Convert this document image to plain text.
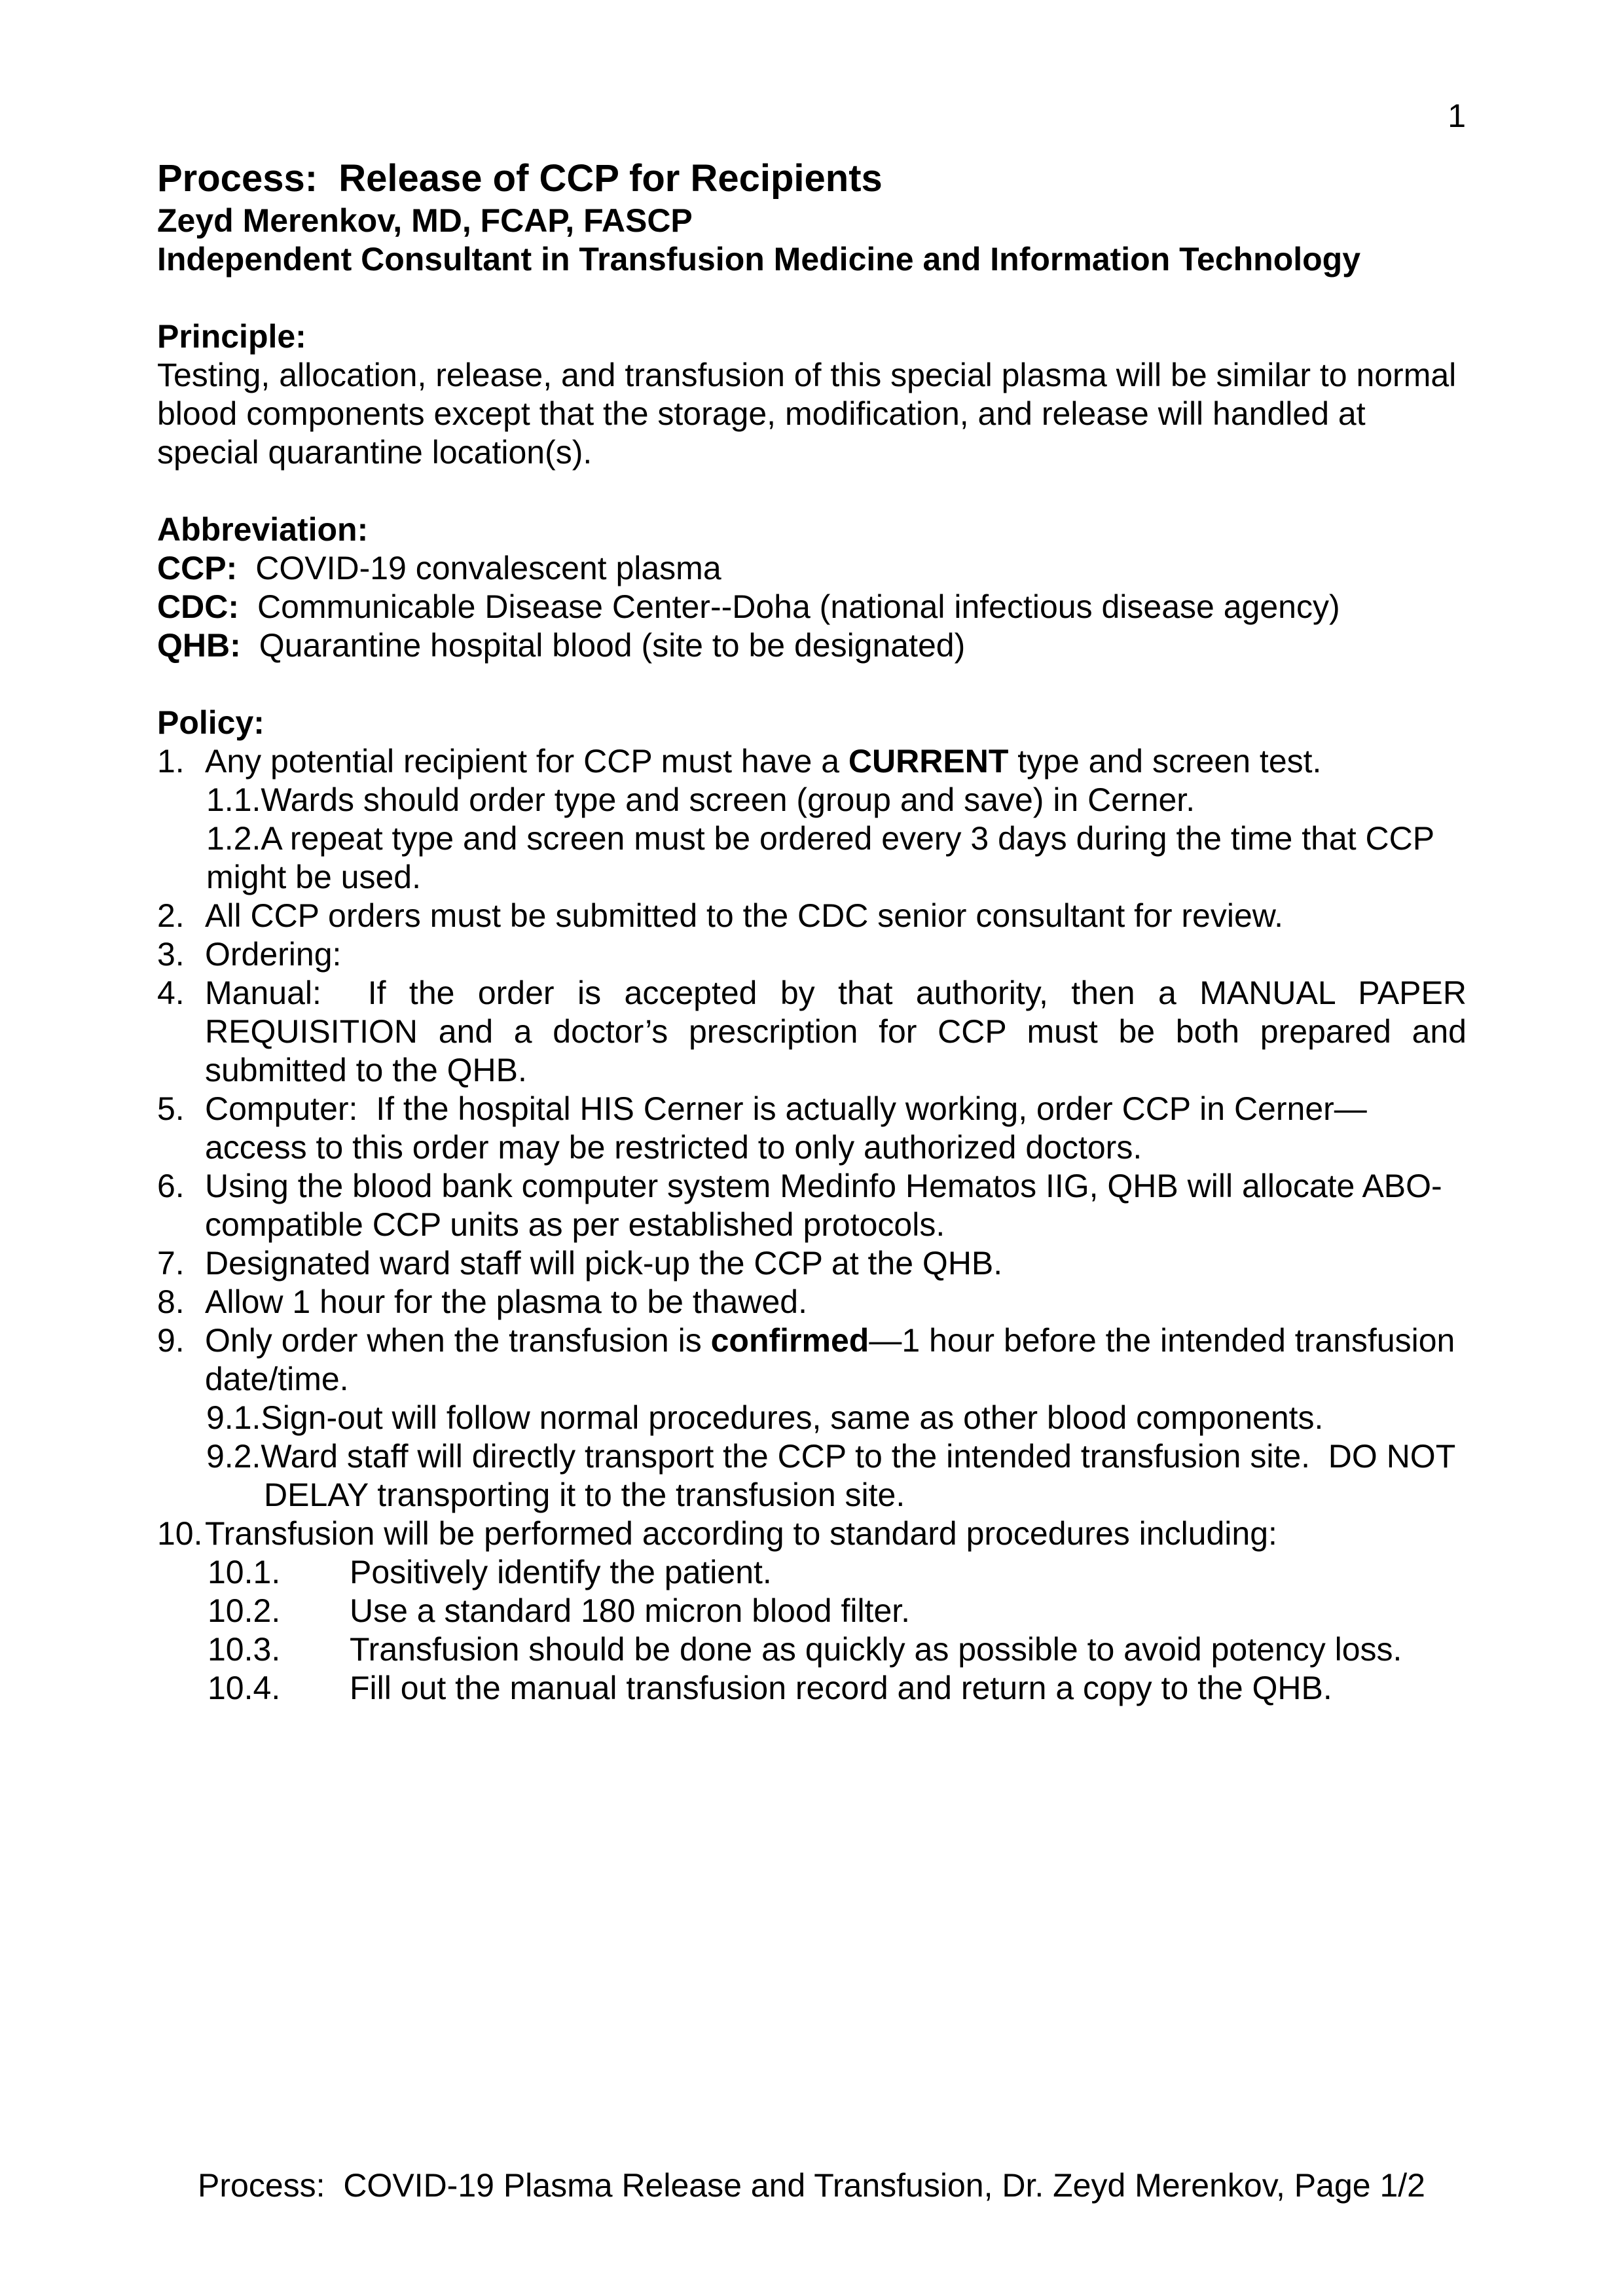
1
Process:  Release of CCP for Recipients
Zeyd Merenkov, MD, FCAP, FASCP
Independent Consultant in Transfusion Medicine and Information Technology
Principle:
Testing, allocation, release, and transfusion of this special plasma will be similar to normal blood components except that the storage, modification, and release will handled at special quarantine location(s).
Abbreviation:
CCP: COVID-19 convalescent plasma
CDC: Communicable Disease Center--Doha (national infectious disease agency)
QHB: Quarantine hospital blood (site to be designated)
Policy:
1. Any potential recipient for CCP must have a CURRENT type and screen test.
1.1.Wards should order type and screen (group and save) in Cerner.
1.2.A repeat type and screen must be ordered every 3 days during the time that CCP might be used.
2. All CCP orders must be submitted to the CDC senior consultant for review.
3. Ordering:
4. Manual:  If the order is accepted by that authority, then a MANUAL PAPER REQUISITION and a doctor’s prescription for CCP must be both prepared and submitted to the QHB.
5. Computer:  If the hospital HIS Cerner is actually working, order CCP in Cerner—access to this order may be restricted to only authorized doctors.
6. Using the blood bank computer system Medinfo Hematos IIG, QHB will allocate ABO-compatible CCP units as per established protocols.
7. Designated ward staff will pick-up the CCP at the QHB.
8. Allow 1 hour for the plasma to be thawed.
9. Only order when the transfusion is confirmed—1 hour before the intended transfusion date/time.
9.1.Sign-out will follow normal procedures, same as other blood components.
9.2.Ward staff will directly transport the CCP to the intended transfusion site.  DO NOT DELAY transporting it to the transfusion site.
10. Transfusion will be performed according to standard procedures including:
10.1.	Positively identify the patient.
10.2.	Use a standard 180 micron blood filter.
10.3.	Transfusion should be done as quickly as possible to avoid potency loss.
10.4.	Fill out the manual transfusion record and return a copy to the QHB.
Process:  COVID-19 Plasma Release and Transfusion, Dr. Zeyd Merenkov, Page 1/2
